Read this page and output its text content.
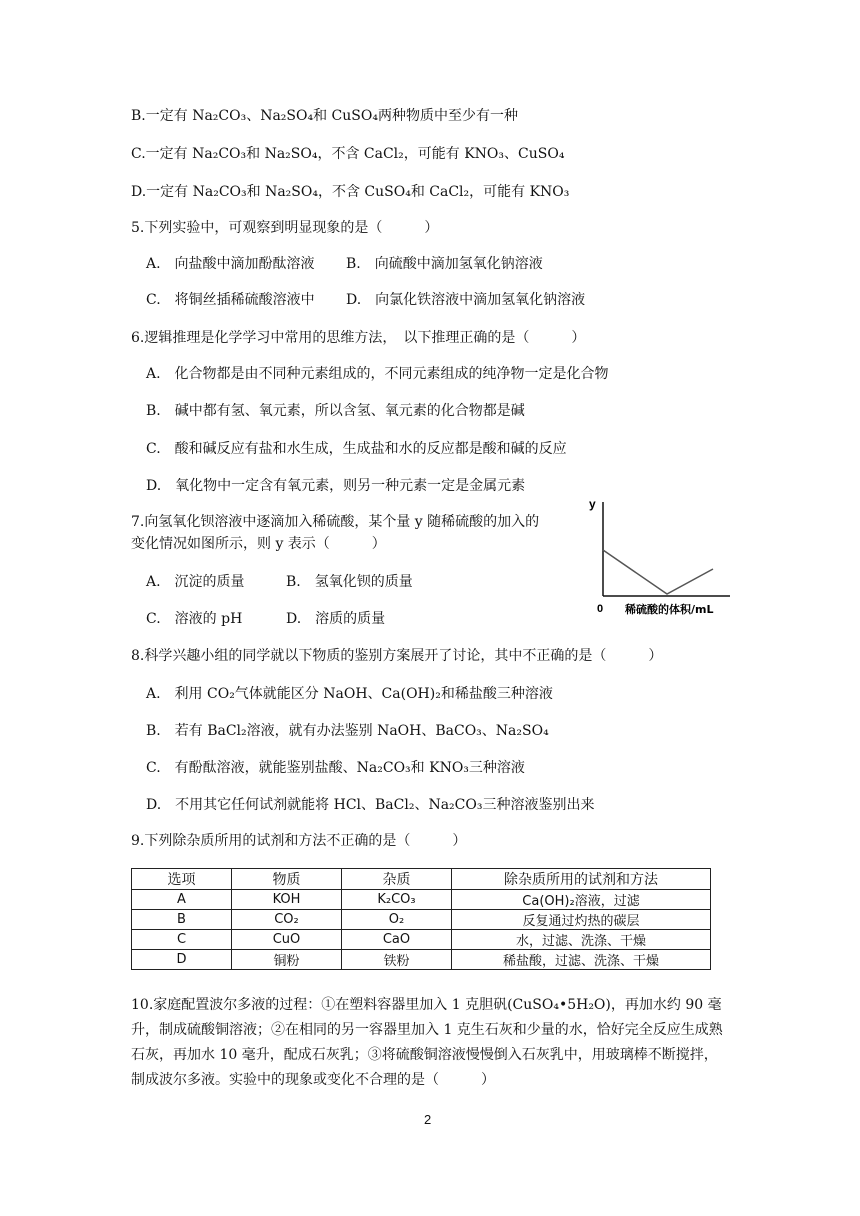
B.一定有 Na₂CO₃、Na₂SO₄和 CuSO₄两种物质中至少有一种
C.一定有 Na₂CO₃和 Na₂SO₄，不含 CaCl₂，可能有 KNO₃、CuSO₄
D.一定有 Na₂CO₃和 Na₂SO₄，不含 CuSO₄和 CaCl₂，可能有 KNO₃
5.下列实验中，可观察到明显现象的是（　　　）
A.　向盐酸中滴加酚酞溶液 B.　向硫酸中滴加氢氧化钠溶液
C.　将铜丝插稀硫酸溶液中 D.　向氯化铁溶液中滴加氢氧化钠溶液
6.逻辑推理是化学学习中常用的思维方法，　以下推理正确的是（　　　）
A.　化合物都是由不同种元素组成的，不同元素组成的纯净物一定是化合物
B.　碱中都有氢、氧元素，所以含氢、氧元素的化合物都是碱
C.　酸和碱反应有盐和水生成，生成盐和水的反应都是酸和碱的反应
D.　氧化物中一定含有氧元素，则另一种元素一定是金属元素
7.向氢氧化钡溶液中逐滴加入稀硫酸，某个量 y 随稀硫酸的加入的
变化情况如图所示，则 y 表示（　　　）
A.　沉淀的质量	B.　氢氧化钡的质量
C.　溶液的 pH	D.　溶质的质量
y
0 稀硫酸的体积/mL
8.科学兴趣小组的同学就以下物质的鉴别方案展开了讨论，其中不正确的是（　　　）
A.　利用 CO₂气体就能区分 NaOH、Ca(OH)₂和稀盐酸三种溶液
B.　若有 BaCl₂溶液，就有办法鉴别 NaOH、BaCO₃、Na₂SO₄
C.　有酚酞溶液，就能鉴别盐酸、Na₂CO₃和 KNO₃三种溶液
D.　不用其它任何试剂就能将 HCl、BaCl₂、Na₂CO₃三种溶液鉴别出来
9.下列除杂质所用的试剂和方法不正确的是（　　　）
选项	物质	杂质	除杂质所用的试剂和方法
A	KOH	K₂CO₃	Ca(OH)₂溶液，过滤
B	CO₂	O₂	反复通过灼热的碳层
C	CuO	CaO	水，过滤、洗涤、干燥
D	铜粉	铁粉	稀盐酸，过滤、洗涤、干燥
10.家庭配置波尔多液的过程：①在塑料容器里加入 1 克胆矾(CuSO₄•5H₂O)，再加水约 90 毫升，制成硫酸铜溶液；②在相同的另一容器里加入 1 克生石灰和少量的水，恰好完全反应生成熟石灰，再加水 10 毫升，配成石灰乳；③将硫酸铜溶液慢慢倒入石灰乳中，用玻璃棒不断搅拌，制成波尔多液。实验中的现象或变化不合理的是（　　　）
2
